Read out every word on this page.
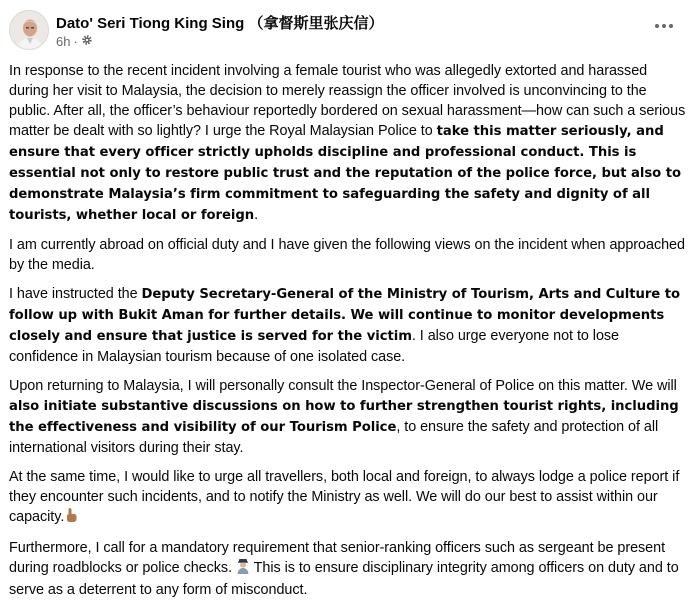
Dato' Seri Tiong King Sing （拿督斯里张庆信）
6h ·

In response to the recent incident involving a female tourist who was allegedly extorted and harassed during her visit to Malaysia, the decision to merely reassign the officer involved is unconvincing to the public. After all, the officer’s behaviour reportedly bordered on sexual harassment—how can such a serious matter be dealt with so lightly? I urge the Royal Malaysian Police to take this matter seriously, and ensure that every officer strictly upholds discipline and professional conduct. This is essential not only to restore public trust and the reputation of the police force, but also to demonstrate Malaysia’s firm commitment to safeguarding the safety and dignity of all tourists, whether local or foreign.

I am currently abroad on official duty and I have given the following views on the incident when approached by the media.

I have instructed the Deputy Secretary-General of the Ministry of Tourism, Arts and Culture to follow up with Bukit Aman for further details. We will continue to monitor developments closely and ensure that justice is served for the victim. I also urge everyone not to lose confidence in Malaysian tourism because of one isolated case.

Upon returning to Malaysia, I will personally consult the Inspector-General of Police on this matter. We will also initiate substantive discussions on how to further strengthen tourist rights, including the effectiveness and visibility of our Tourism Police, to ensure the safety and protection of all international visitors during their stay.

At the same time, I would like to urge all travellers, both local and foreign, to always lodge a police report if they encounter such incidents, and to notify the Ministry as well. We will do our best to assist within our capacity.

Furthermore, I call for a mandatory requirement that senior-ranking officers such as sergeant be present during roadblocks or police checks.  This is to ensure disciplinary integrity among officers on duty and to serve as a deterrent to any form of misconduct.
